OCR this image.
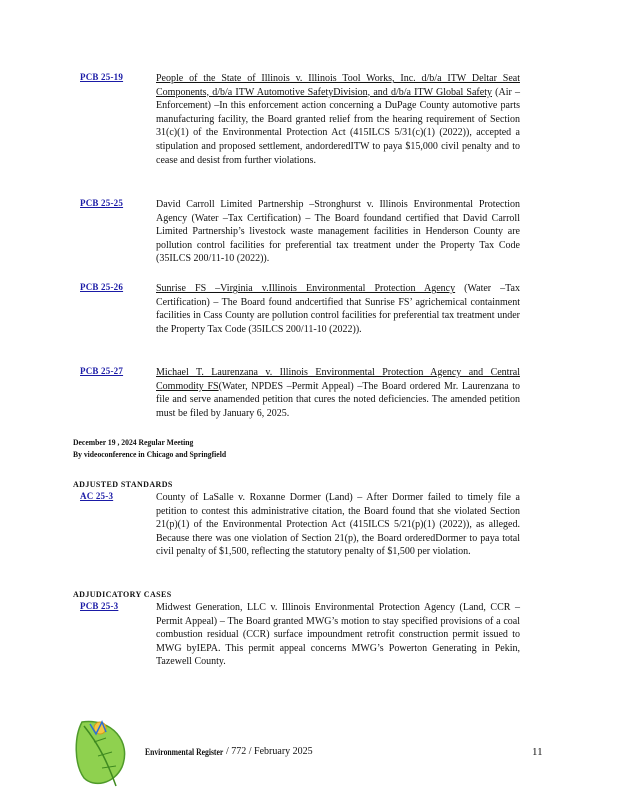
PCB 25-19	People of the State of Illinois v. Illinois Tool Works, Inc. d/b/a ITW Deltar Seat Components, d/b/a ITW Automotive SafetyDivision, and d/b/a ITW Global Safety (Air –Enforcement) –In this enforcement action concerning a DuPage County automotive parts manufacturing facility, the Board granted relief from the hearing requirement of Section 31(c)(1) of the Environmental Protection Act (415ILCS 5/31(c)(1) (2022)), accepted a stipulation and proposed settlement, andorderedITW to paya $15,000 civil penalty and to cease and desist from further violations.
PCB 25-25	David Carroll Limited Partnership –Stronghurst v. Illinois Environmental Protection Agency (Water –Tax Certification) – The Board foundand certified that David Carroll Limited Partnership’s livestock waste management facilities in Henderson County are pollution control facilities for preferential tax treatment under the Property Tax Code (35ILCS 200/11-10 (2022)).
PCB 25-26	Sunrise FS –Virginia v.Illinois Environmental Protection Agency (Water –Tax Certification) – The Board found andcertified that Sunrise FS’ agrichemical containment facilities in Cass County are pollution control facilities for preferential tax treatment under the Property Tax Code (35ILCS 200/11-10 (2022)).
PCB 25-27	Michael T. Laurenzana v. Illinois Environmental Protection Agency and Central Commodity FS(Water, NPDES –Permit Appeal) –The Board ordered Mr. Laurenzana to file and serve anamended petition that cures the noted deficiencies. The amended petition must be filed by January 6, 2025.
December 19 , 2024 Regular Meeting
By videoconference in Chicago and Springfield
ADJUSTED STANDARDS
AC 25-3	County of LaSalle v. Roxanne Dormer (Land) – After Dormer failed to timely file a petition to contest this administrative citation, the Board found that she violated Section 21(p)(1) of the Environmental Protection Act (415ILCS 5/21(p)(1) (2022)), as alleged. Because there was one violation of Section 21(p), the Board orderedDormer to paya total civil penalty of $1,500, reflecting the statutory penalty of $1,500 per violation.
ADJUDICATORY CASES
PCB 25-3	Midwest Generation, LLC v. Illinois Environmental Protection Agency (Land, CCR –Permit Appeal) – The Board granted MWG’s motion to stay specified provisions of a coal combustion residual (CCR) surface impoundment retrofit construction permit issued to MWG byIEPA. This permit appeal concerns MWG’s Powerton Generating in Pekin, Tazewell County.
Environmental Register / 772 / February 2025	11
